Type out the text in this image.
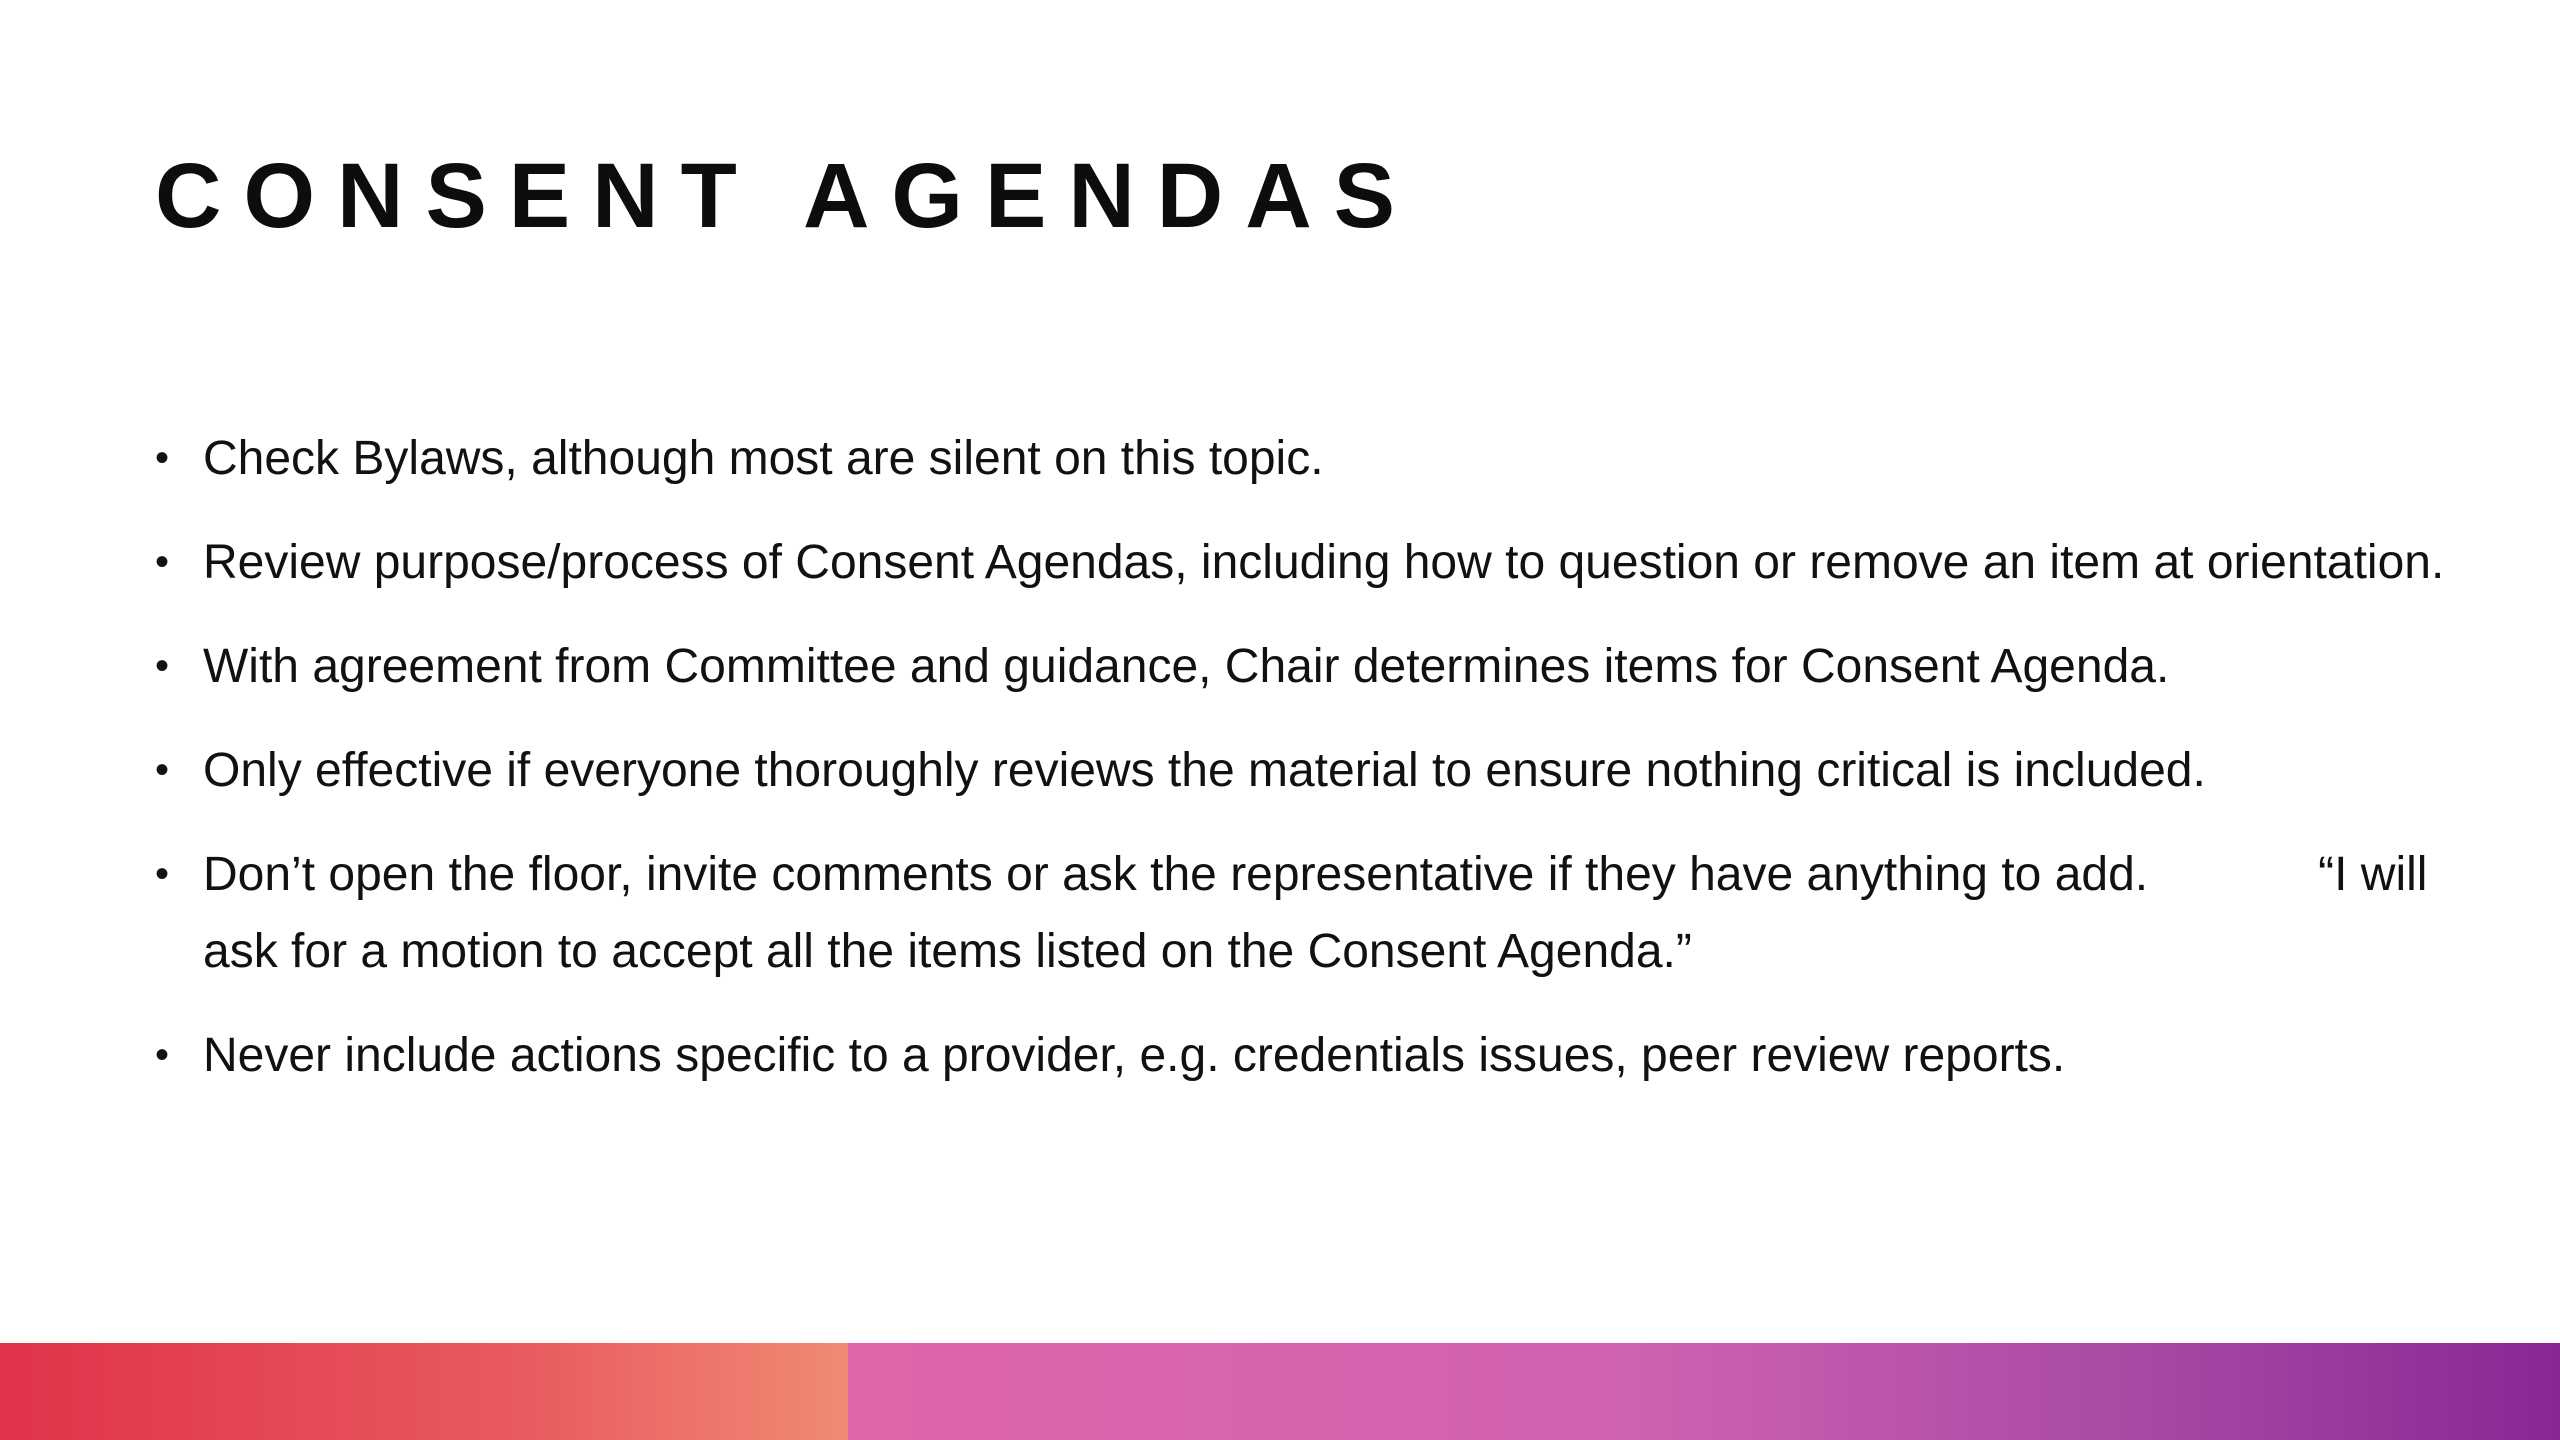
CONSENT AGENDAS
• Check Bylaws, although most are silent on this topic.
• Review purpose/process of Consent Agendas, including how to question or remove an item at orientation.
• With agreement from Committee and guidance, Chair determines items for Consent Agenda.
• Only effective if everyone thoroughly reviews the material to ensure nothing critical is included.
• Don’t open the floor, invite comments or ask the representative if they have anything to add.	“I will ask for a motion to accept all the items listed on the Consent Agenda.”
• Never include actions specific to a provider, e.g. credentials issues, peer review reports.
